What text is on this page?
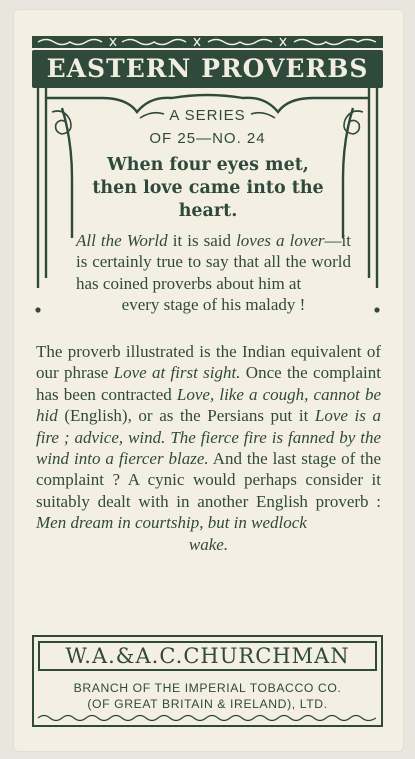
EASTERN PROVERBS
A SERIES
OF 25—NO. 24
When four eyes met,
then love came into the
heart.

All the World it is said loves a lover—it is certainly true to say that all the world has coined proverbs about him at

every stage of his malady !

The proverb illustrated is the Indian equivalent of our phrase Love at first sight. Once the complaint has been contracted Love, like a cough, cannot be hid (English), or as the Persians put it Love is a fire ; advice, wind. The fierce fire is fanned by the wind into a fiercer blaze. And the last stage of the complaint ? A cynic would perhaps consider it suitably dealt with in another English proverb : Men dream in courtship, but in wedlock

wake.

W.A.&A.C.CHURCHMAN
BRANCH OF THE IMPERIAL TOBACCO CO.
(OF GREAT BRITAIN & IRELAND), LTD.
